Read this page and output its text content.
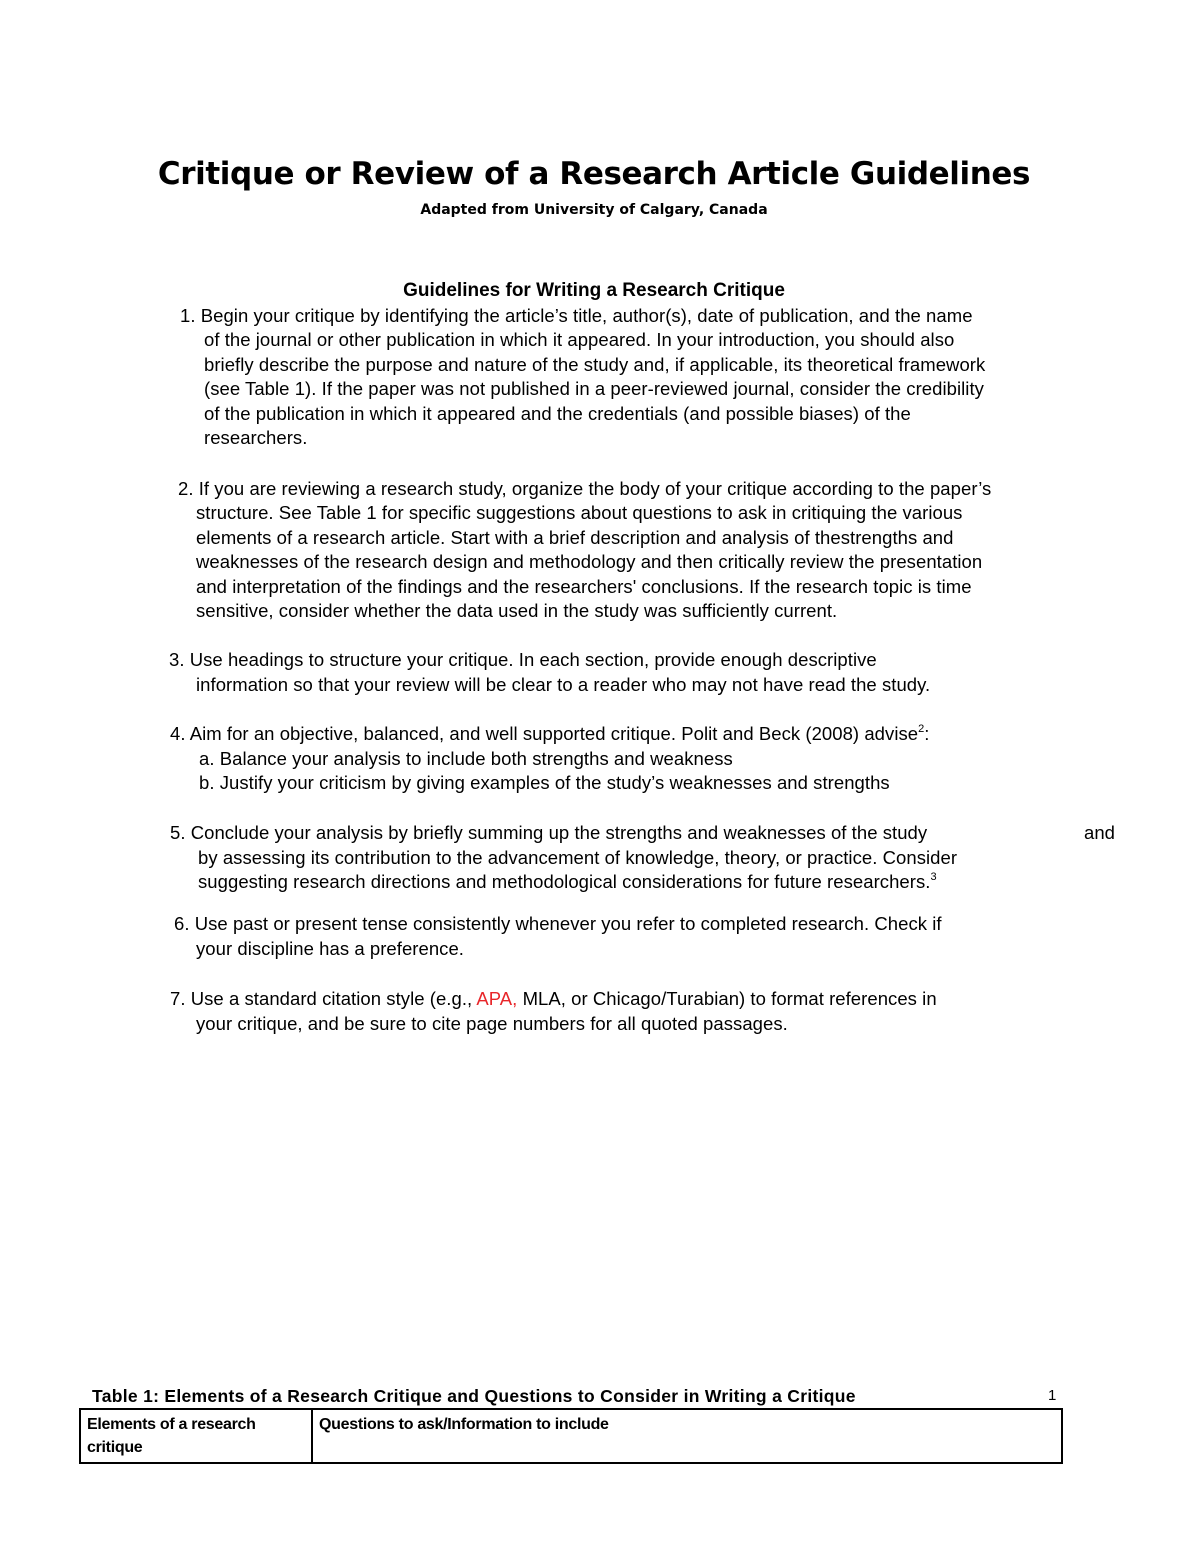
Critique or Review of a Research Article Guidelines
Adapted from University of Calgary, Canada
Guidelines for Writing a Research Critique
1. Begin your critique by identifying the article’s title, author(s), date of publication, and the name
of the journal or other publication in which it appeared. In your introduction, you should also
briefly describe the purpose and nature of the study and, if applicable, its theoretical framework
(see Table 1). If the paper was not published in a peer-reviewed journal, consider the credibility
of the publication in which it appeared and the credentials (and possible biases) of the
researchers.
2. If you are reviewing a research study, organize the body of your critique according to the paper’s
structure. See Table 1 for specific suggestions about questions to ask in critiquing the various
elements of a research article. Start with a brief description and analysis of thestrengths and
weaknesses of the research design and methodology and then critically review the presentation
and interpretation of the findings and the researchers' conclusions. If the research topic is time
sensitive, consider whether the data used in the study was sufficiently current.
3. Use headings to structure your critique. In each section, provide enough descriptive
information so that your review will be clear to a reader who may not have read the study.
4. Aim for an objective, balanced, and well supported critique. Polit and Beck (2008) advise$^2$:
a. Balance your analysis to include both strengths and weakness
b. Justify your criticism by giving examples of the study’s weaknesses and strengths
5. Conclude your analysis by briefly summing up the strengths and weaknesses of the study	and
by assessing its contribution to the advancement of knowledge, theory, or practice. Consider
suggesting research directions and methodological considerations for future researchers.$^3$
6. Use past or present tense consistently whenever you refer to completed research. Check if
your discipline has a preference.
7. Use a standard citation style (e.g., APA, MLA, or Chicago/Turabian) to format references in
your critique, and be sure to cite page numbers for all quoted passages.
Table 1: Elements of a Research Critique and Questions to Consider in Writing a Critique	1
Elements of a research critique	Questions to ask/Information to include
